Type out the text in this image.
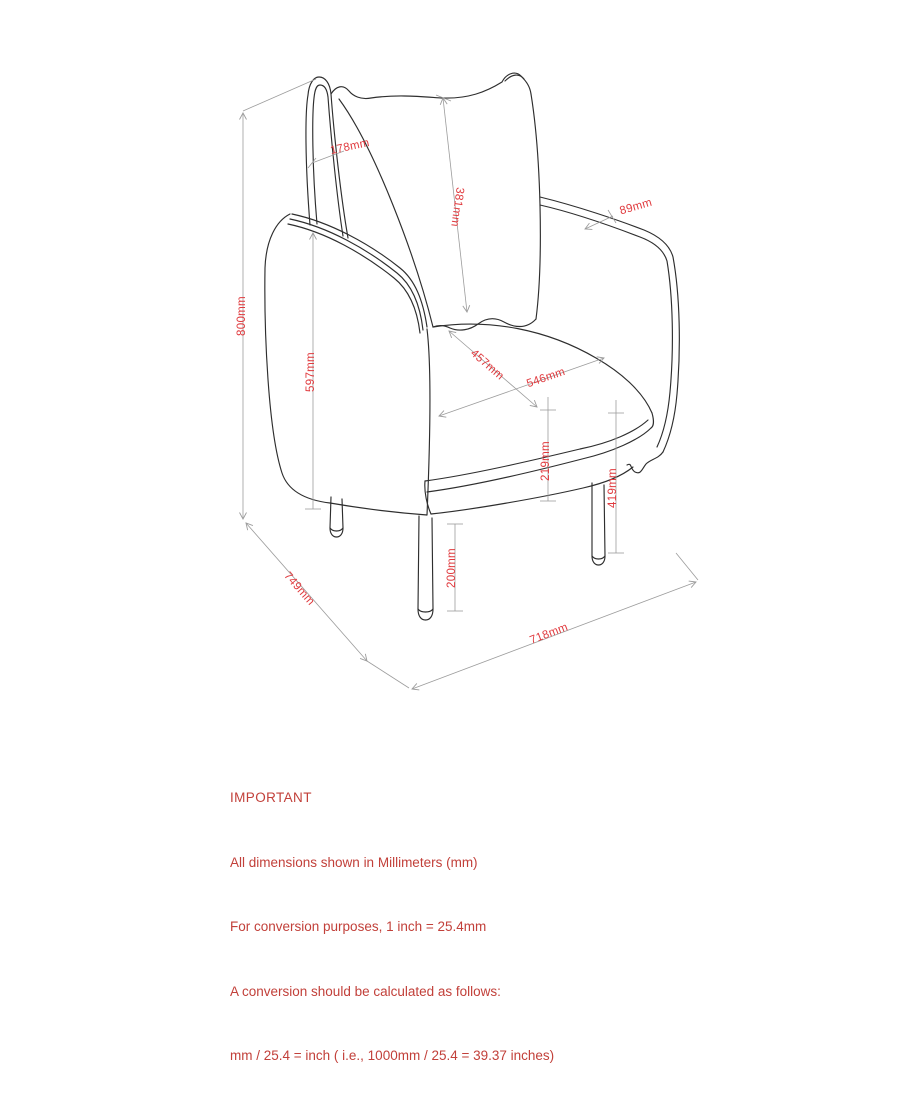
178mm
381mm	89mm
800mm
597mm	457mm 546mm
219mm
419mm
200mm
749mm
718mm

IMPORTANT

All dimensions shown in Millimeters (mm)

For conversion purposes, 1 inch = 25.4mm

A conversion should be calculated as follows:

mm / 25.4 = inch ( i.e., 1000mm / 25.4 = 39.37 inches)
